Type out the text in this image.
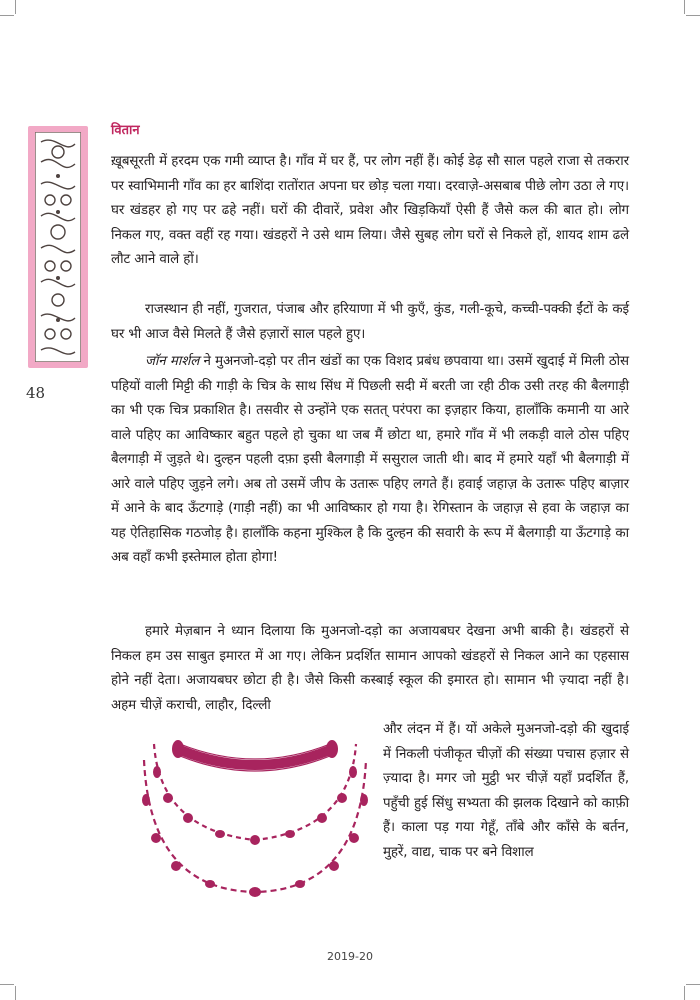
वितान
48

ख़ूबसूरती में हरदम एक गमी व्याप्त है। गाँव में घर हैं, पर लोग नहीं हैं। कोई डेढ़ सौ साल पहले राजा से तकरार पर स्वाभिमानी गाँव का हर बाशिंदा रातोंरात अपना घर छोड़ चला गया। दरवाज़े-असबाब पीछे लोग उठा ले गए। घर खंडहर हो गए पर ढहे नहीं। घरों की दीवारें, प्रवेश और खिड़कियाँ ऐसी हैं जैसे कल की बात हो। लोग निकल गए, वक्त वहीं रह गया। खंडहरों ने उसे थाम लिया। जैसे सुबह लोग घरों से निकले हों, शायद शाम ढले लौट आने वाले हों।

राजस्थान ही नहीं, गुजरात, पंजाब और हरियाणा में भी कुएँ, कुंड, गली-कूचे, कच्ची-पक्की ईंटों के कई घर भी आज वैसे मिलते हैं जैसे हज़ारों साल पहले हुए।

जॉन मार्शल ने मुअनजो-दड़ो पर तीन खंडों का एक विशद प्रबंध छपवाया था। उसमें खुदाई में मिली ठोस पहियों वाली मिट्टी की गाड़ी के चित्र के साथ सिंध में पिछली सदी में बरती जा रही ठीक उसी तरह की बैलगाड़ी का भी एक चित्र प्रकाशित है। तसवीर से उन्होंने एक सतत् परंपरा का इज़हार किया, हालाँकि कमानी या आरे वाले पहिए का आविष्कार बहुत पहले हो चुका था जब मैं छोटा था, हमारे गाँव में भी लकड़ी वाले ठोस पहिए बैलगाड़ी में जुड़ते थे। दुल्हन पहली दफ़ा इसी बैलगाड़ी में ससुराल जाती थी। बाद में हमारे यहाँ भी बैलगाड़ी में आरे वाले पहिए जुड़ने लगे। अब तो उसमें जीप के उतारू पहिए लगते हैं। हवाई जहाज़ के उतारू पहिए बाज़ार में आने के बाद ऊँटगाड़े (गाड़ी नहीं) का भी आविष्कार हो गया है। रेगिस्तान के जहाज़ से हवा के जहाज़ का यह ऐतिहासिक गठजोड़ है। हालाँकि कहना मुश्किल है कि दुल्हन की सवारी के रूप में बैलगाड़ी या ऊँटगाड़े का अब वहाँ कभी इस्तेमाल होता होगा!

हमारे मेज़बान ने ध्यान दिलाया कि मुअनजो-दड़ो का अजायबघर देखना अभी बाकी है। खंडहरों से निकल हम उस साबुत इमारत में आ गए। लेकिन प्रदर्शित सामान आपको खंडहरों से निकल आने का एहसास होने नहीं देता। अजायबघर छोटा ही है। जैसे किसी कस्बाई स्कूल की इमारत हो। सामान भी ज़्यादा नहीं है। अहम चीज़ें कराची, लाहौर, दिल्ली

और लंदन में हैं। यों अकेले मुअनजो-दड़ो की खुदाई में निकली पंजीकृत चीज़ों की संख्या पचास हज़ार से ज़्यादा है। मगर जो मुट्ठी भर चीज़ें यहाँ प्रदर्शित हैं, पहुँची हुई सिंधु सभ्यता की झलक दिखाने को काफ़ी हैं। काला पड़ गया गेहूँ, ताँबे और काँसे के बर्तन, मुहरें, वाद्य, चाक पर बने विशाल

2019-20
